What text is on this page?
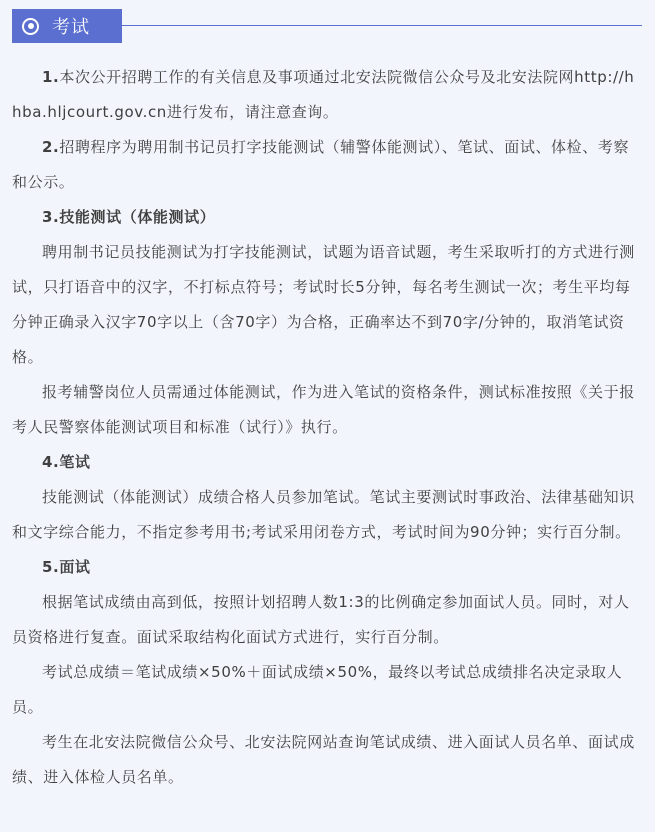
考试

1.本次公开招聘工作的有关信息及事项通过北安法院微信公众号及北安法院网http://hhba.hljcourt.gov.cn进行发布，请注意查询。

2.招聘程序为聘用制书记员打字技能测试（辅警体能测试）、笔试、面试、体检、考察和公示。

3.技能测试（体能测试）

聘用制书记员技能测试为打字技能测试，试题为语音试题，考生采取听打的方式进行测试，只打语音中的汉字，不打标点符号；考试时长5分钟，每名考生测试一次；考生平均每分钟正确录入汉字70字以上（含70字）为合格，正确率达不到70字/分钟的，取消笔试资格。

报考辅警岗位人员需通过体能测试，作为进入笔试的资格条件，测试标准按照《关于报考人民警察体能测试项目和标准（试行）》执行。

4.笔试

技能测试（体能测试）成绩合格人员参加笔试。笔试主要测试时事政治、法律基础知识和文字综合能力，不指定参考用书;考试采用闭卷方式，考试时间为90分钟；实行百分制。

5.面试

根据笔试成绩由高到低，按照计划招聘人数1:3的比例确定参加面试人员。同时，对人员资格进行复查。面试采取结构化面试方式进行，实行百分制。

考试总成绩＝笔试成绩×50%＋面试成绩×50%，最终以考试总成绩排名决定录取人员。

考生在北安法院微信公众号、北安法院网站查询笔试成绩、进入面试人员名单、面试成绩、进入体检人员名单。
